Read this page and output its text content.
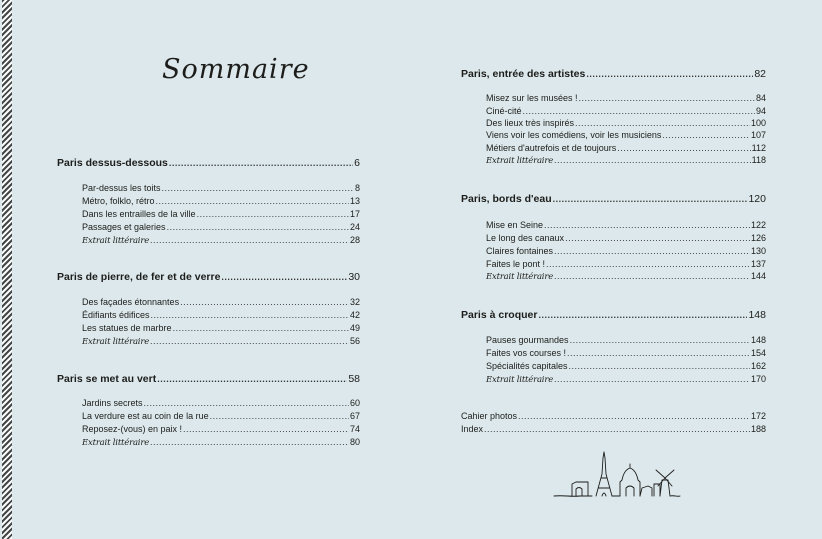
Sommaire
Paris dessus-dessous .....	6
Par-dessus les toits .....	8
Métro, folklo, rétro .....	13
Dans les entrailles de la ville .....	17
Passages et galeries .....	24
Extrait littéraire .....	28
Paris de pierre, de fer et de verre .....	30
Des façades étonnantes .....	32
Édifiants édifices .....	42
Les statues de marbre .....	49
Extrait littéraire .....	56
Paris se met au vert .....	58
Jardins secrets .....	60
La verdure est au coin de la rue .....	67
Reposez-(vous) en paix ! .....	74
Extrait littéraire .....	80
Paris, entrée des artistes .....	82
Misez sur les musées ! .....	84
Ciné-cité .....	94
Des lieux très inspirés .....	100
Viens voir les comédiens, voir les musiciens .....	107
Métiers d'autrefois et de toujours .....	112
Extrait littéraire .....	118
Paris, bords d'eau .....	120
Mise en Seine .....	122
Le long des canaux .....	126
Claires fontaines .....	130
Faites le pont ! .....	137
Extrait littéraire .....	144
Paris à croquer .....	148
Pauses gourmandes .....	148
Faites vos courses ! .....	154
Spécialités capitales .....	162
Extrait littéraire .....	170
Cahier photos .....	172
Index .....	188
